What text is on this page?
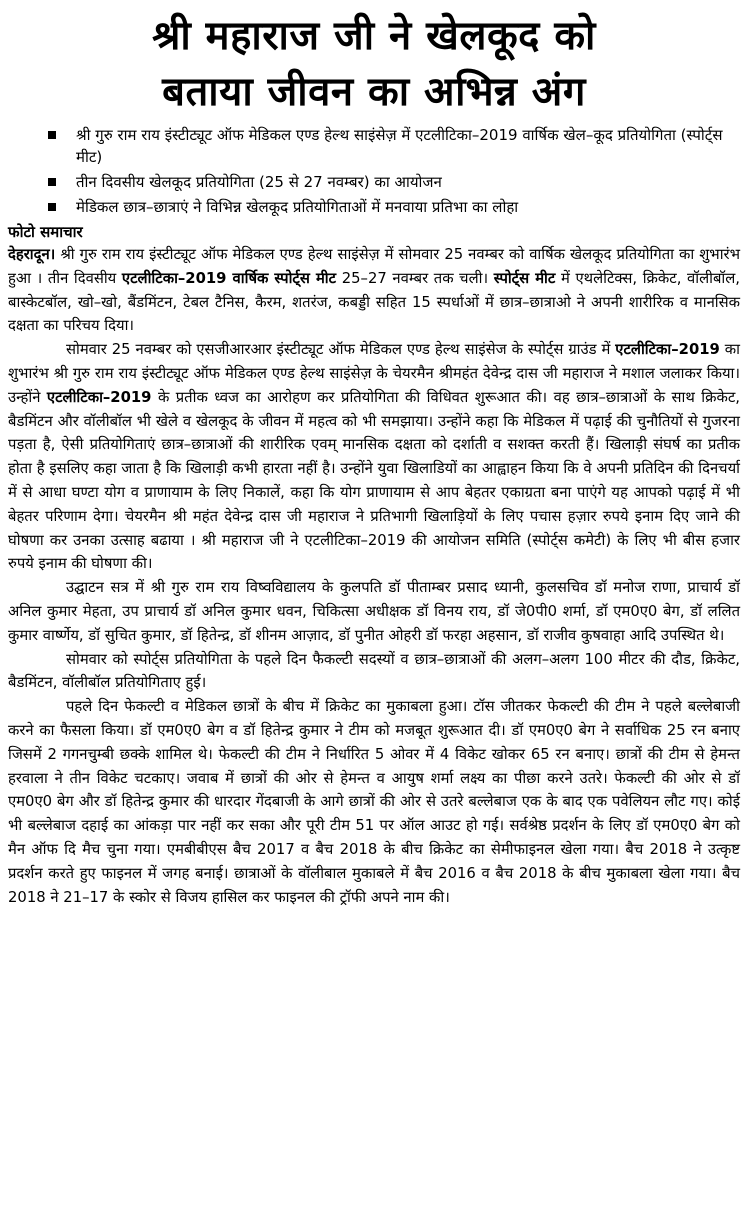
श्री महाराज जी ने खेलकूद को
बताया जीवन का अभिन्न अंग
श्री गुरु राम राय इंस्टीट्यूट ऑफ मेडिकल एण्ड हेल्थ साइंसेज़ में एटलीटिका–2019 वार्षिक खेल–कूद प्रतियोगिता (स्पोर्ट्स मीट)
तीन दिवसीय खेलकूद प्रतियोगिता (25 से 27 नवम्बर) का आयोजन
मेडिकल छात्र–छात्राएं ने विभिन्न खेलकूद प्रतियोगिताओं में मनवाया प्रतिभा का लोहा
फोटो समाचार

देहरादून। श्री गुरु राम राय इंस्टीट्यूट ऑफ मेडिकल एण्ड हेल्थ साइंसेज़ में सोमवार 25 नवम्बर को वार्षिक खेलकूद प्रतियोगिता का शुभारंभ हुआ । तीन दिवसीय एटलीटिका–2019 वार्षिक स्पोर्ट्स मीट 25–27 नवम्बर तक चली। स्पोर्ट्स मीट में एथलेटिक्स, क्रिकेट, वॉलीबॉल, बास्केटबॉल, खो–खो, बैंडमिंटन, टेबल टैनिस, कैरम, शतरंज, कबड्डी सहित 15 स्पर्धाओं में छात्र–छात्राओ ने अपनी शारीरिक व मानसिक दक्षता का परिचय दिया।

सोमवार 25 नवम्बर को एसजीआरआर इंस्टीट्यूट ऑफ मेडिकल एण्ड हेल्थ साइंसेज के स्पोर्ट्स ग्राउंड में एटलीटिका–2019 का शुभारंभ श्री गुरु राम राय इंस्टीट्यूट ऑफ मेडिकल एण्ड हेल्थ साइंसेज़ के चेयरमैन श्रीमहंत देवेन्द्र दास जी महाराज ने मशाल जलाकर किया। उन्होंने एटलीटिका–2019 के प्रतीक ध्वज का आरोहण कर प्रतियोगिता की विधिवत शुरूआत की। वह छात्र–छात्राओं के साथ क्रिकेट, बैडमिंटन और वॉलीबॉल भी खेले व खेलकूद के जीवन में महत्व को भी समझाया। उन्होंने कहा कि मेडिकल में पढ़ाई की चुनौतियों से गुजरना पड़ता है, ऐसी प्रतियोगिताएं छात्र–छात्राओं की शारीरिक एवम् मानसिक दक्षता को दर्शाती व सशक्त करती हैं। खिलाड़ी संघर्ष का प्रतीक होता है इसलिए कहा जाता है कि खिलाड़ी कभी हारता नहीं है। उन्होंने युवा खिलाडियों का आह्वाहन किया कि वे अपनी प्रतिदिन की दिनचर्या में से आधा घण्टा योग व प्राणायाम के लिए निकालें, कहा कि योग प्राणायाम से आप बेहतर एकाग्रता बना पाएंगे यह आपको पढ़ाई में भी बेहतर परिणाम देगा। चेयरमैन श्री महंत देवेन्द्र दास जी महाराज ने प्रतिभागी खिलाड़ियों के लिए पचास हज़ार रुपये इनाम दिए जाने की घोषणा कर उनका उत्साह बढाया । श्री महाराज जी ने एटलीटिका–2019 की आयोजन समिति (स्पोर्ट्स कमेटी) के लिए भी बीस हजार रुपये इनाम की घोषणा की।

उद्घाटन सत्र में श्री गुरु राम राय विष्वविद्यालय के कुलपति डॉ पीताम्बर प्रसाद ध्यानी, कुलसचिव डॉ मनोज राणा, प्राचार्य डॉ अनिल कुमार मेहता, उप प्राचार्य डॉ अनिल कुमार धवन, चिकित्सा अधीक्षक डॉ विनय राय, डॉ जे0पी0 शर्मा, डॉ एम0ए0 बेग, डॉ ललित कुमार वार्ष्णेय, डॉ सुचित कुमार, डॉ हितेन्द्र, डॉ शीनम आज़ाद, डॉ पुनीत ओहरी डॉ फरहा अहसान, डॉ राजीव कुषवाहा आदि उपस्थित थे।

सोमवार को स्पोर्ट्स प्रतियोगिता के पहले दिन फैकल्टी सदस्यों व छात्र–छात्राओं की अलग–अलग 100 मीटर की दौड, क्रिकेट, बैडमिंटन, वॉलीबॉल प्रतियोगिताए हुई।

पहले दिन फेकल्टी व मेडिकल छात्रों के बीच में क्रिकेट का मुकाबला हुआ। टॉस जीतकर फेकल्टी की टीम ने पहले बल्लेबाजी करने का फैसला किया। डॉ एम0ए0 बेग व डॉ हितेन्द्र कुमार ने टीम को मजबूत शुरूआत दी। डॉ एम0ए0 बेग ने सर्वाधिक 25 रन बनाए जिसमें 2 गगनचुम्बी छक्के शामिल थे। फेकल्टी की टीम ने निर्धारित 5 ओवर में 4 विकेट खोकर 65 रन बनाए। छात्रों की टीम से हेमन्त हरवाला ने तीन विकेट चटकाए। जवाब में छात्रों की ओर से हेमन्त व आयुष शर्मा लक्ष्य का पीछा करने उतरे। फेकल्टी की ओर से डॉ एम0ए0 बेग और डॉ हितेन्द्र कुमार की धारदार गेंदबाजी के आगे छात्रों की ओर से उतरे बल्लेबाज एक के बाद एक पवेलियन लौट गए। कोई भी बल्लेबाज दहाई का आंकड़ा पार नहीं कर सका और पूरी टीम 51 पर ऑल आउट हो गई। सर्वश्रेष्ठ प्रदर्शन के लिए डॉ एम0ए0 बेग को मैन ऑफ दि मैच चुना गया। एमबीबीएस बैच 2017 व बैच 2018 के बीच क्रिकेट का सेमीफाइनल खेला गया। बैच 2018 ने उत्कृष्ट प्रदर्शन करते हुए फाइनल में जगह बनाई। छात्राओं के वॉलीबाल मुकाबले में बैच 2016 व बैच 2018 के बीच मुकाबला खेला गया। बैच 2018 ने 21–17 के स्कोर से विजय हासिल कर फाइनल की ट्रॉफी अपने नाम की।
